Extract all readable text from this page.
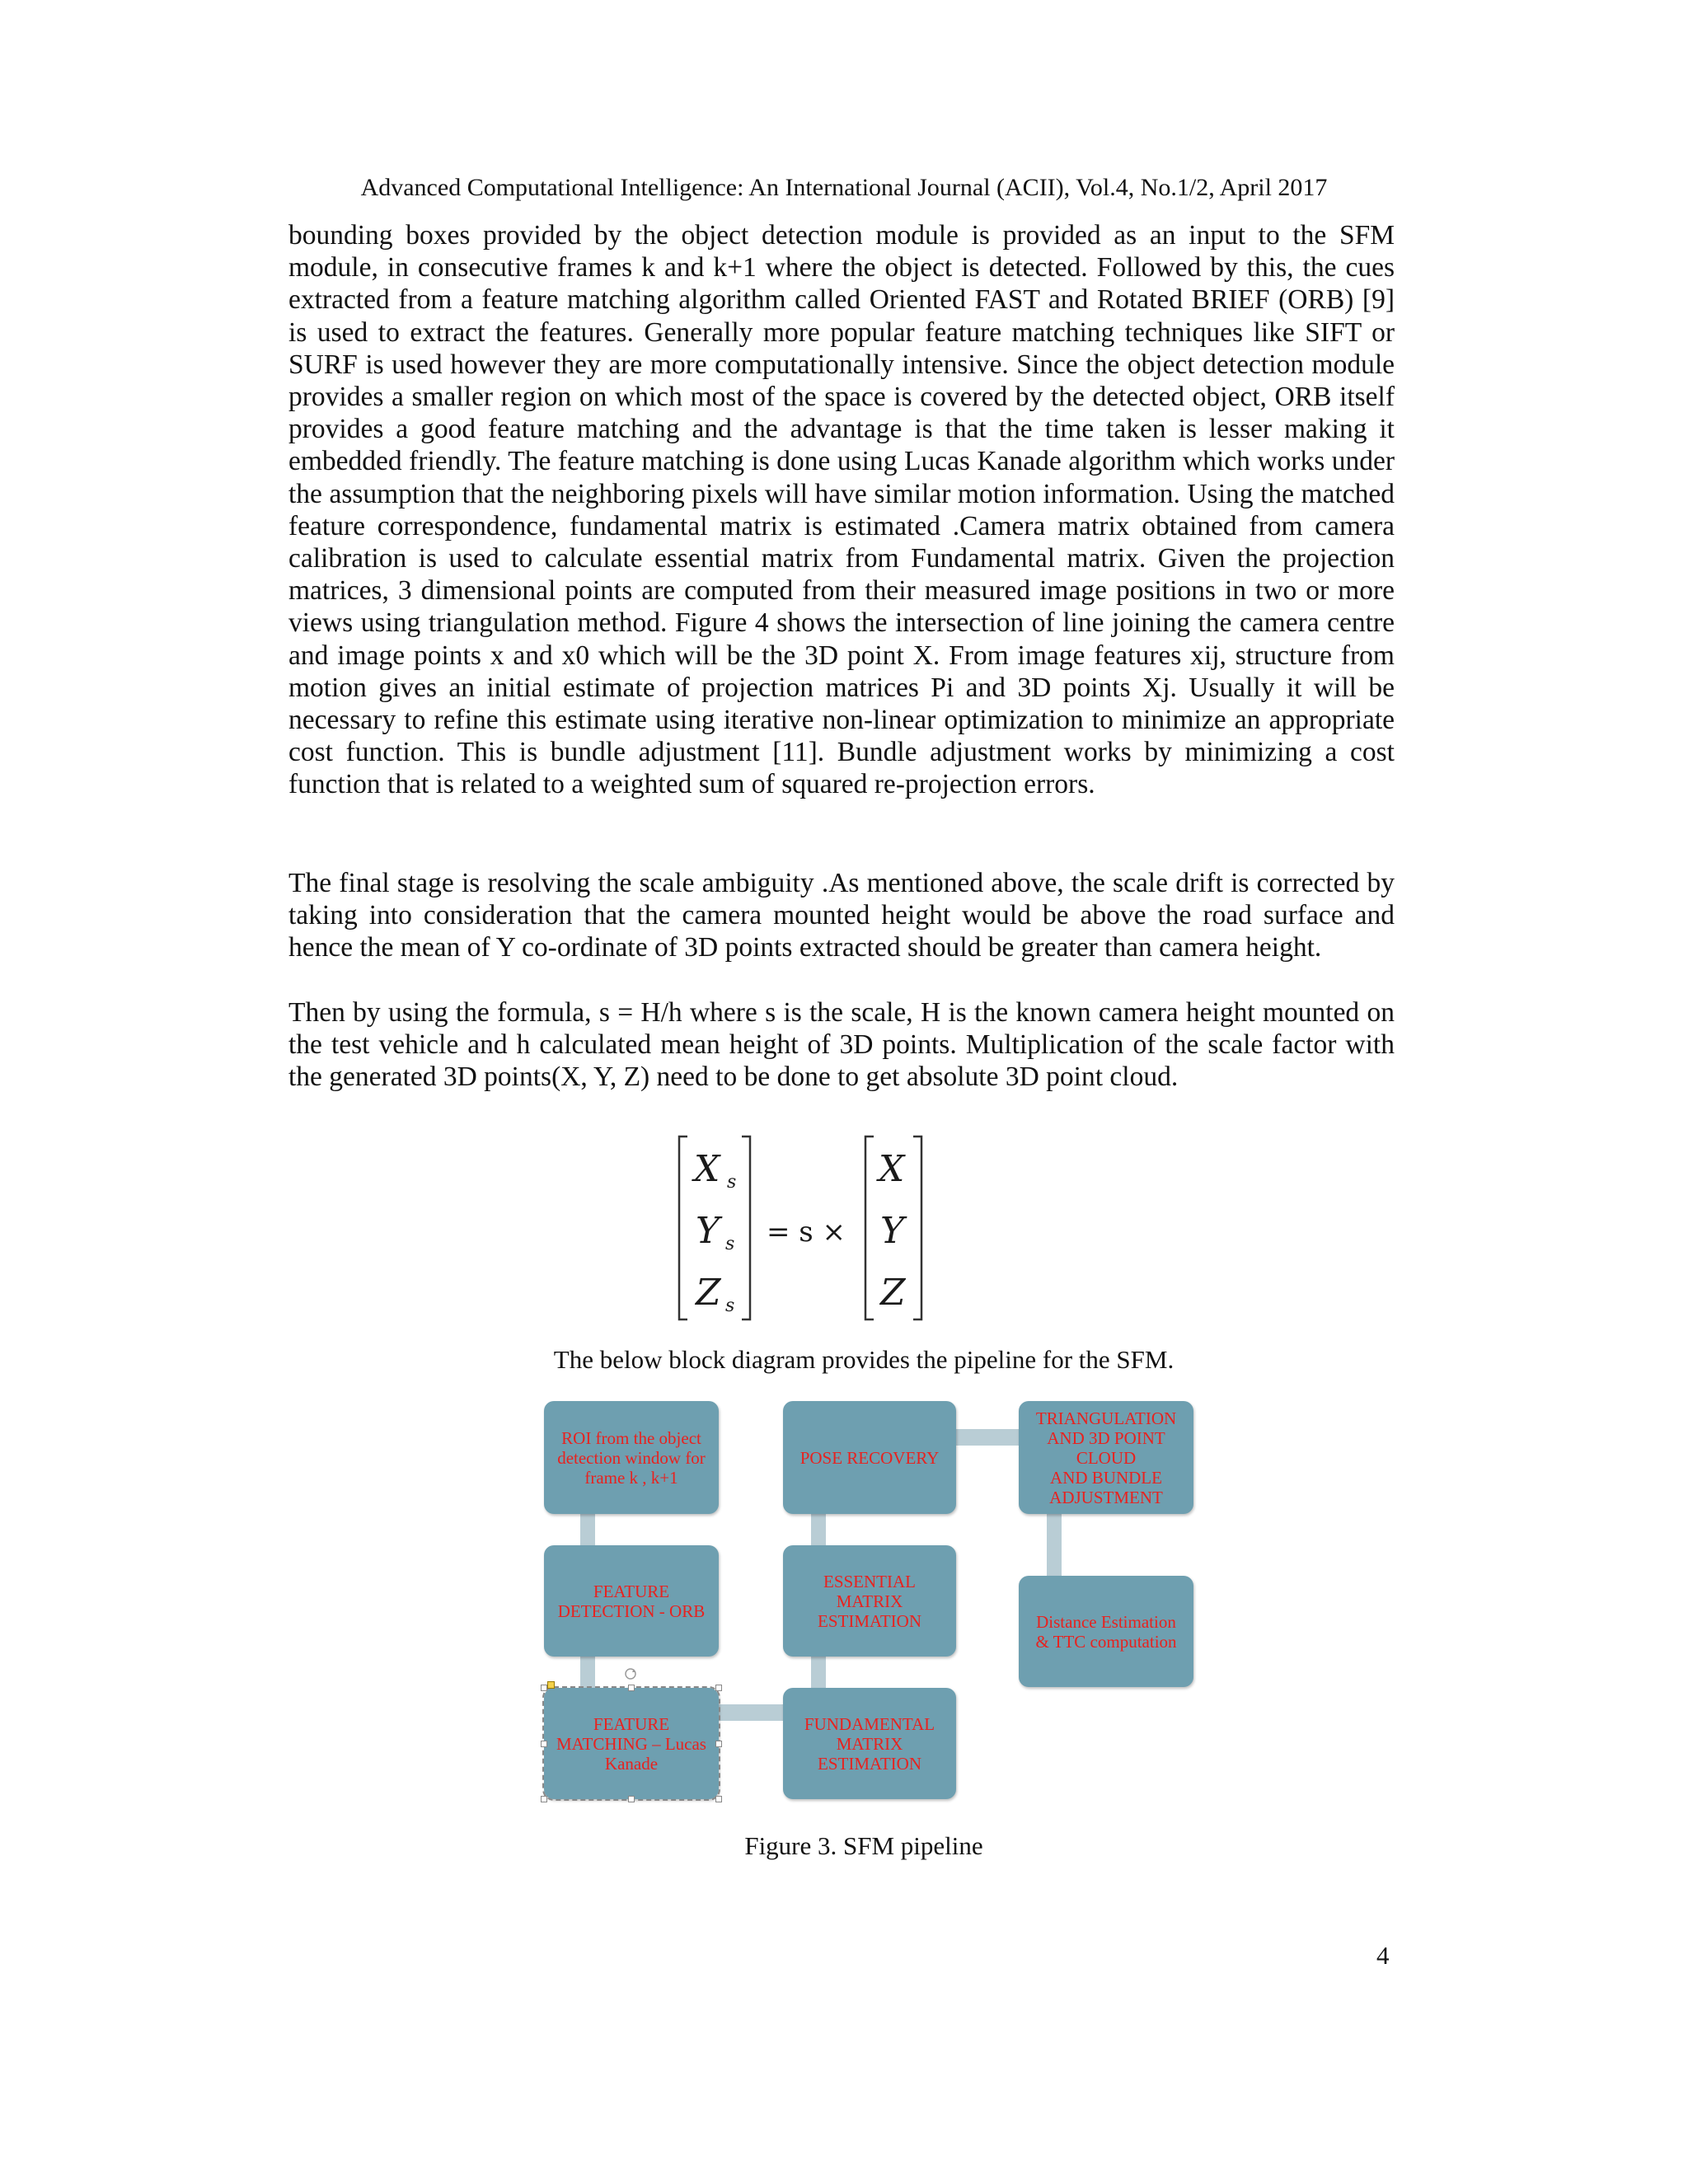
Advanced Computational Intelligence: An International Journal (ACII), Vol.4, No.1/2, April 2017

bounding boxes provided by the object detection module is provided as an input to the SFM module, in consecutive frames k and k+1 where the object is detected. Followed by this, the cues extracted from a feature matching algorithm called Oriented FAST and Rotated BRIEF (ORB) [9] is used to extract the features. Generally more popular feature matching techniques like SIFT or SURF is used however they are more computationally intensive. Since the object detection module provides a smaller region on which most of the space is covered by the detected object, ORB itself provides a good feature matching and the advantage is that the time taken is lesser making it embedded friendly. The feature matching is done using Lucas Kanade algorithm which works under the assumption that the neighboring pixels will have similar motion information. Using the matched feature correspondence, fundamental matrix is estimated .Camera matrix obtained from camera calibration is used to calculate essential matrix from Fundamental matrix. Given the projection matrices, 3 dimensional points are computed from their measured image positions in two or more views using triangulation method. Figure 4 shows the intersection of line joining the camera centre and image points x and x0 which will be the 3D point X. From image features xij, structure from motion gives an initial estimate of projection matrices Pi and 3D points Xj. Usually it will be necessary to refine this estimate using iterative non-linear optimization to minimize an appropriate cost function. This is bundle adjustment [11]. Bundle adjustment works by minimizing a cost function that is related to a weighted sum of squared re-projection errors.

The final stage is resolving the scale ambiguity .As mentioned above, the scale drift is corrected by taking into consideration that the camera mounted height would be above the road surface and hence the mean of Y co-ordinate of 3D points extracted should be greater than camera height.

Then by using the formula, s = H/h where s is the scale, H is the known camera height mounted on the test vehicle and h calculated mean height of 3D points. Multiplication of the scale factor with the generated 3D points(X, Y, Z) need to be done to get absolute 3D point cloud.

X s
Y s
Z s
= s ×
X
Y
Z
The below block diagram provides the pipeline for the SFM.
ROI from the object
detection window for
frame k , k+1
FEATURE
DETECTION - ORB
FEATURE
MATCHING – Lucas
Kanade
POSE RECOVERY
ESSENTIAL MATRIX
ESTIMATION
FUNDAMENTAL
MATRIX
ESTIMATION
TRIANGULATION
AND 3D POINT
CLOUD
AND BUNDLE
ADJUSTMENT
Distance Estimation
& TTC computation
Figure 3. SFM pipeline
4
